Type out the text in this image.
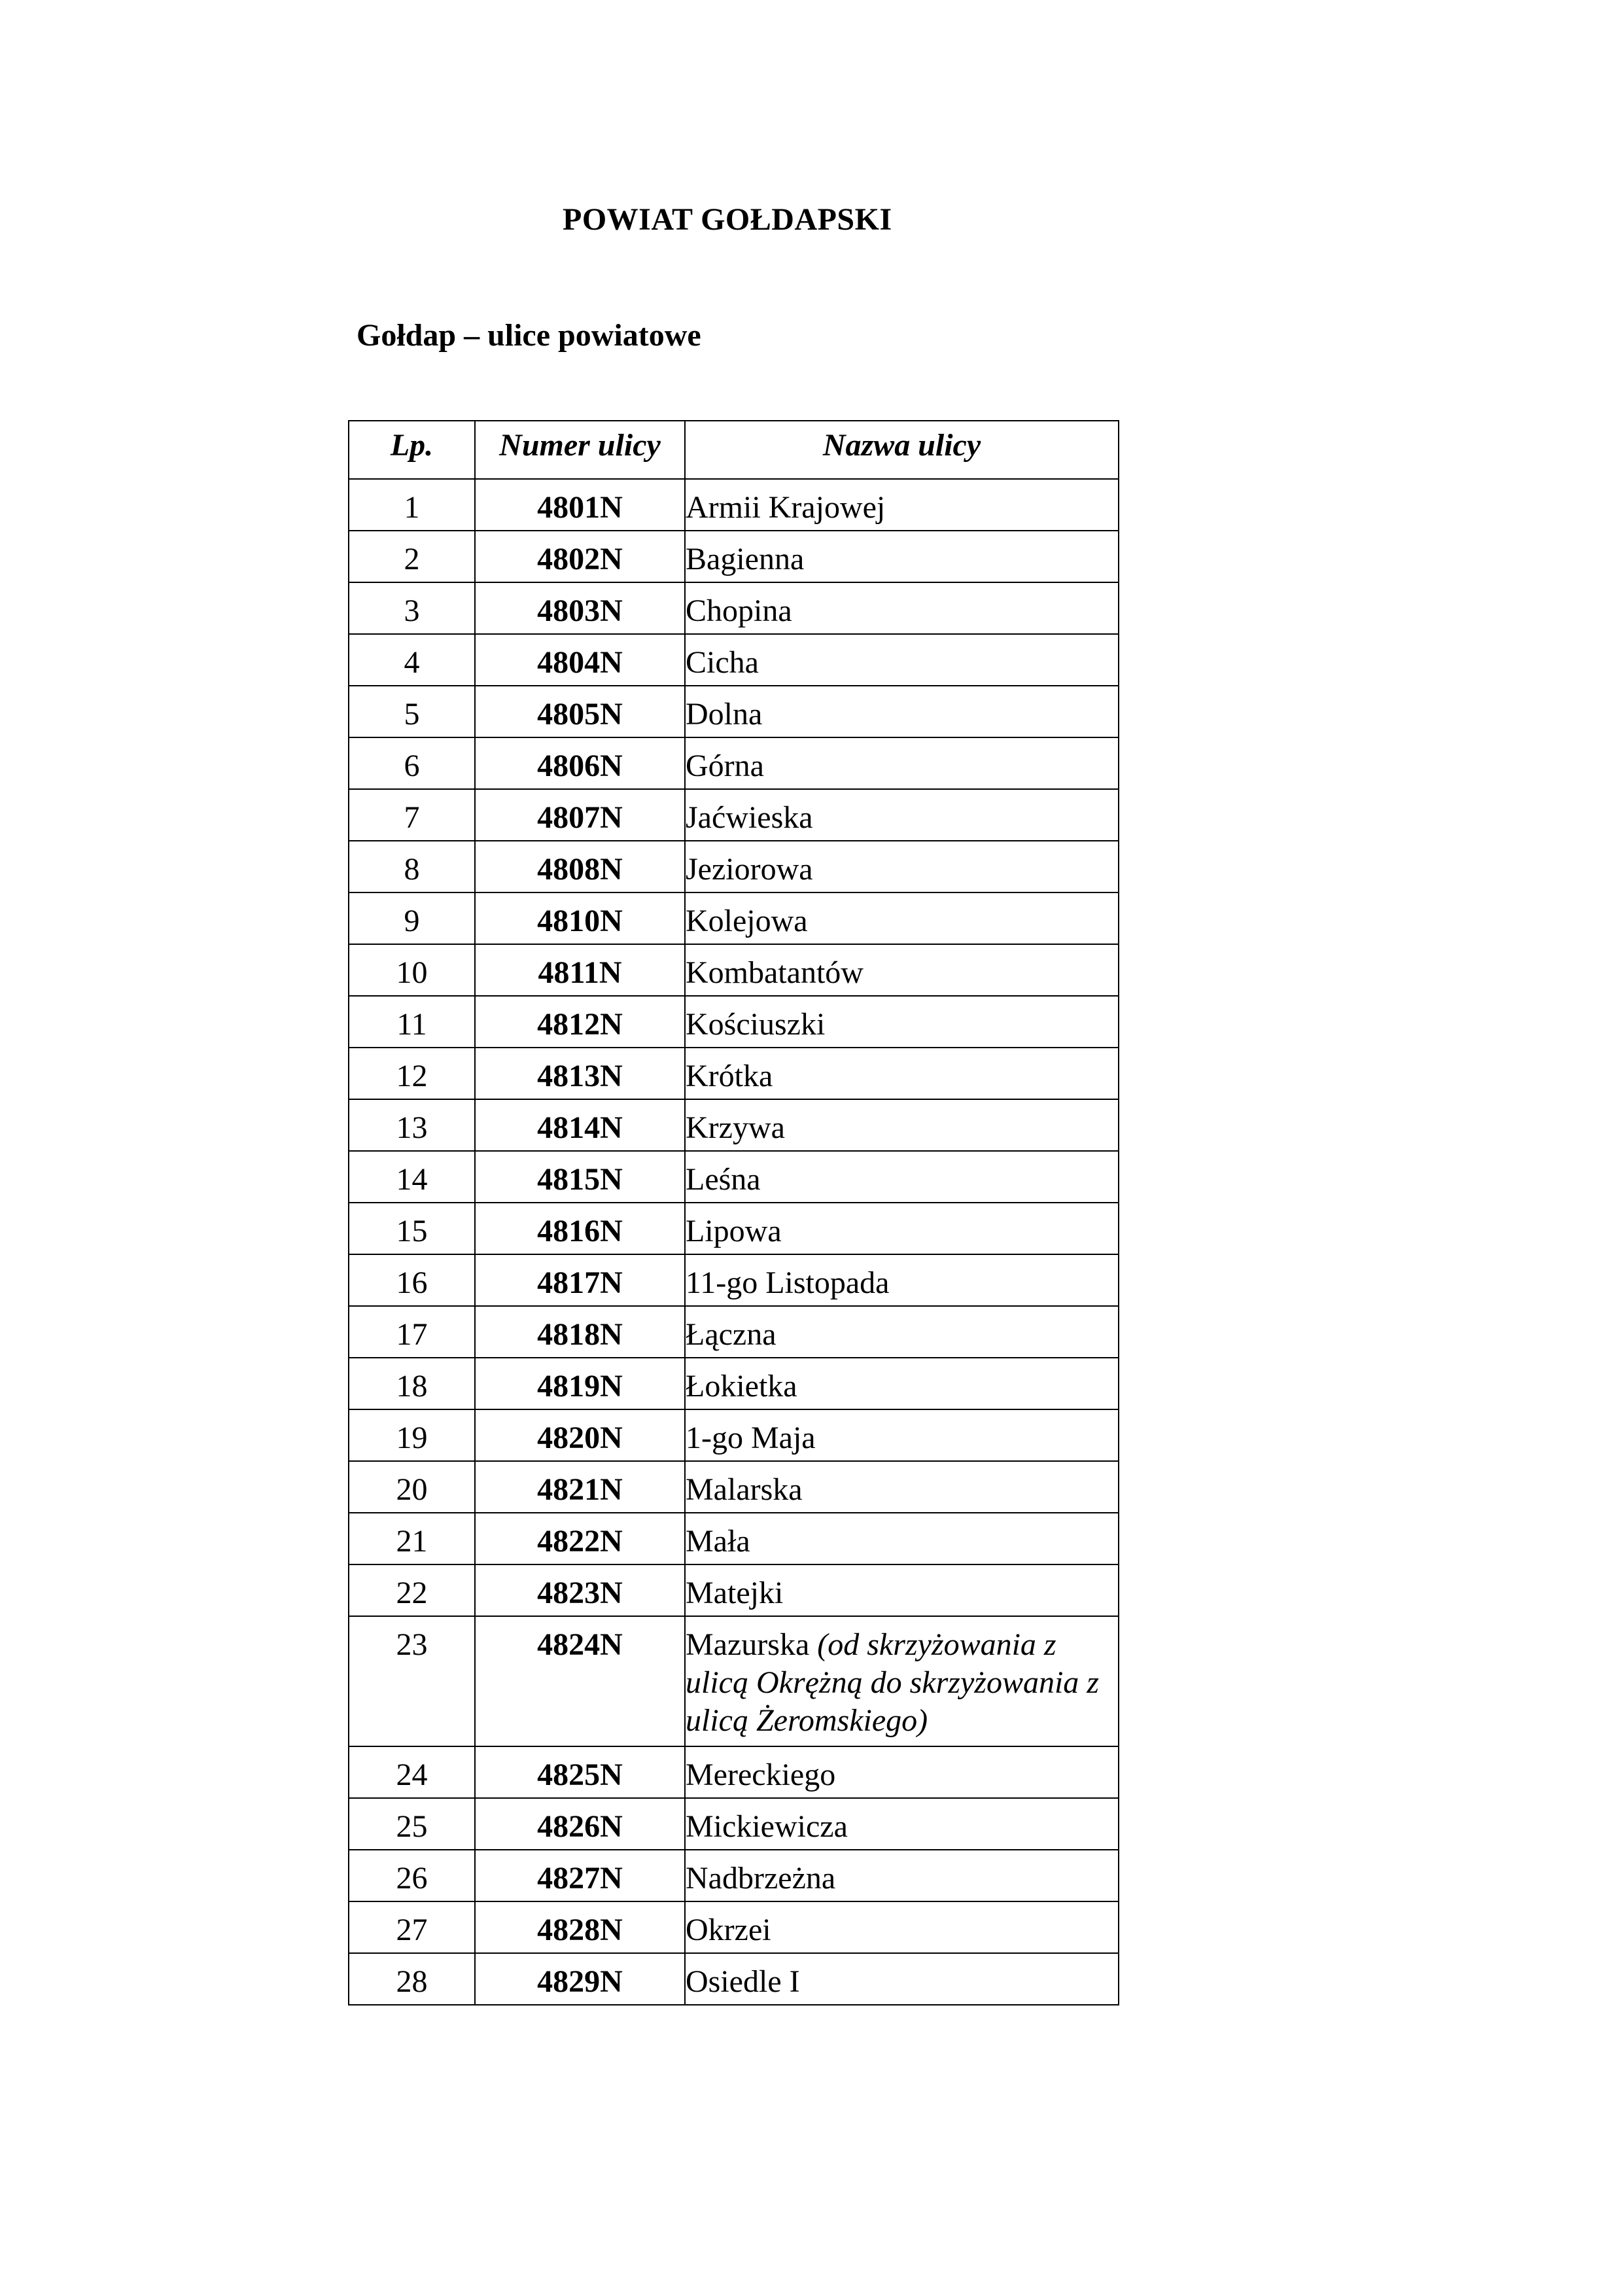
POWIAT GOŁDAPSKI
Gołdap – ulice powiatowe
Lp.	Numer ulicy	Nazwa ulicy
1	4801N	Armii Krajowej
2	4802N	Bagienna
3	4803N	Chopina
4	4804N	Cicha
5	4805N	Dolna
6	4806N	Górna
7	4807N	Jaćwieska
8	4808N	Jeziorowa
9	4810N	Kolejowa
10	4811N	Kombatantów
11	4812N	Kościuszki
12	4813N	Krótka
13	4814N	Krzywa
14	4815N	Leśna
15	4816N	Lipowa
16	4817N	11-go Listopada
17	4818N	Łączna
18	4819N	Łokietka
19	4820N	1-go Maja
20	4821N	Malarska
21	4822N	Mała
22	4823N	Matejki
23	4824N	Mazurska (od skrzyżowania z ulicą Okrężną do skrzyżowania z ulicą Żeromskiego)
24	4825N	Mereckiego
25	4826N	Mickiewicza
26	4827N	Nadbrzeżna
27	4828N	Okrzei
28	4829N	Osiedle I
